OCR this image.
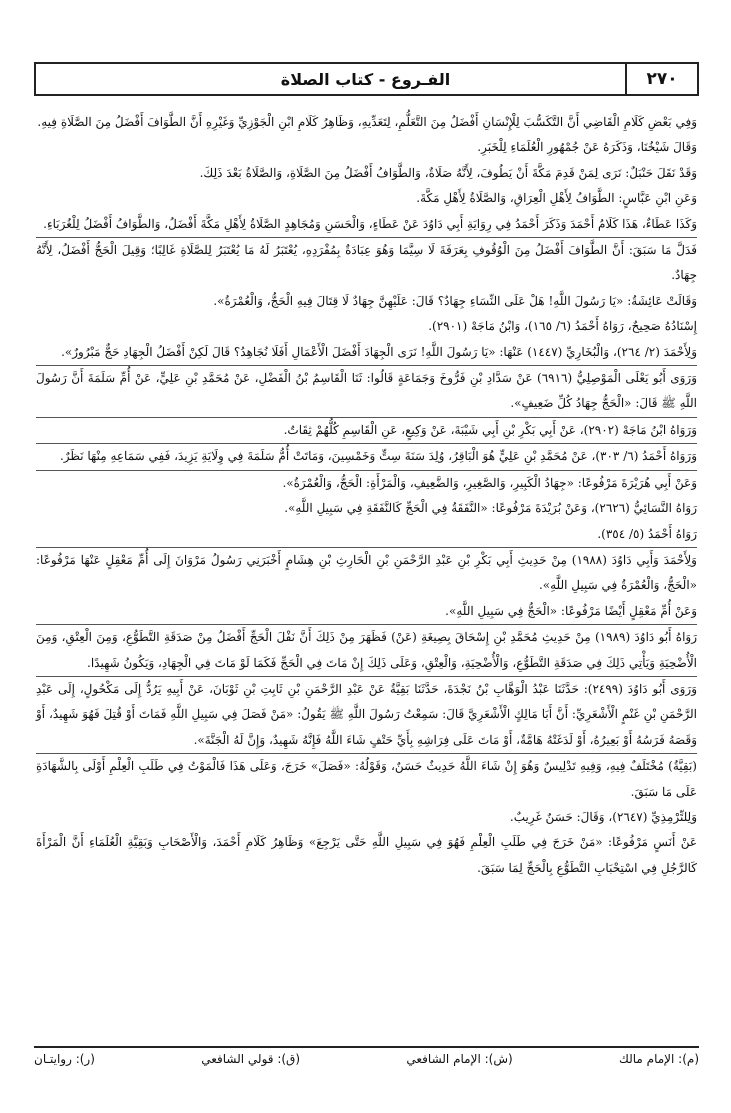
٢٧٠
الفـروع - كتاب الصلاة

وَفِي بَعْضِ كَلَامِ الْقَاضِي أَنَّ التَّكَسُّبَ لِلْإِنْسَانِ أَفْضَلُ مِنَ التَّعَلُّمِ، لِتَعَدِّيهِ، وَظَاهِرُ كَلَامِ ابْنِ الْجَوْزِيِّ وَغَيْرِهِ أَنَّ الطَّوَافَ أَفْضَلُ مِنَ الصَّلَاةِ فِيهِ.

وَقَالَ شَيْخُنَا، وَذَكَرَهُ عَنْ جُمْهُورِ الْعُلَمَاءِ لِلْخَبَرِ.

وَقَدْ نَقَلَ حَنْبَلٌ: نَرَى لِمَنْ قَدِمَ مَكَّةَ أَنْ يَطُوفَ، لِأَنَّهُ صَلَاةٌ، وَالطَّوَافُ أَفْضَلُ مِنَ الصَّلَاةِ، وَالصَّلَاةُ بَعْدَ ذَلِكَ.

وَعَنِ ابْنِ عَبَّاسٍ: الطَّوَافُ لِأَهْلِ الْعِرَاقِ، وَالصَّلَاةُ لِأَهْلِ مَكَّةَ.

وَكَذَا عَطَاءٌ، هَذَا كَلَامُ أَحْمَدَ وَذَكَرَ أَحْمَدُ فِي رِوَايَةِ أَبِي دَاوُدَ عَنْ عَطَاءٍ، وَالْحَسَنِ وَمُجَاهِدٍ الصَّلَاةُ لِأَهْلِ مَكَّةَ أَفْضَلُ، وَالطَّوَافُ أَفْضَلُ لِلْغُرَبَاءِ.

فَدَلَّ مَا سَبَقَ: أَنَّ الطَّوَافَ أَفْضَلُ مِنَ الْوُقُوفِ بِعَرَفَةَ لَا سِيَّمَا وَهُوَ عِبَادَةٌ بِمُفْرَدِهِ، يُعْتَبَرُ لَهُ مَا يُعْتَبَرُ لِلصَّلَاةِ غَالِبًا؛ وَقِيلَ الْحَجُّ أَفْضَلُ، لِأَنَّهُ جِهَادٌ.

وَقَالَتْ عَائِشَةُ: «يَا رَسُولَ اللَّهِ! هَلْ عَلَى النِّسَاءِ جِهَادٌ؟ قَالَ: عَلَيْهِنَّ جِهَادٌ لَا قِتَالَ فِيهِ الْحَجُّ، وَالْعُمْرَةُ».

إِسْنَادُهُ صَحِيحٌ، رَوَاهُ أَحْمَدُ (٦/ ١٦٥)، وَابْنُ مَاجَهْ (٢٩٠١).

وَلِأَحْمَدَ (٢/ ٢٦٤)، وَالْبُخَارِيِّ (١٤٤٧) عَنْهَا: «يَا رَسُولَ اللَّهِ! نَرَى الْجِهَادَ أَفْضَلَ الْأَعْمَالِ أَفَلَا نُجَاهِدُ؟ قَالَ لَكِنْ أَفْضَلُ الْجِهَادِ حَجٌّ مَبْرُورٌ».

وَرَوَى أَبُو يَعْلَى الْمَوْصِلِيُّ (٦٩١٦) عَنْ سَدَّادِ بْنِ فَرُّوخَ وَجَمَاعَةٍ قَالُوا: ثَنَا الْقَاسِمُ بْنُ الْفَضْلِ، عَنْ مُحَمَّدِ بْنِ عَلِيٍّ، عَنْ أُمِّ سَلَمَةَ أَنَّ رَسُولَ اللَّهِ ﷺ قَالَ: «الْحَجُّ جِهَادُ كُلِّ ضَعِيفٍ».

وَرَوَاهُ ابْنُ مَاجَهْ (٢٩٠٢)، عَنْ أَبِي بَكْرِ بْنِ أَبِي شَيْبَةَ، عَنْ وَكِيعٍ، عَنِ الْقَاسِمِ كُلُّهُمْ ثِقَاتٌ.

وَرَوَاهُ أَحْمَدُ (٦/ ٣٠٣)، عَنْ مُحَمَّدِ بْنِ عَلِيٍّ هُوَ الْبَاقِرُ، وُلِدَ سَنَةَ سِتٍّ وَخَمْسِينَ، وَمَاتَتْ أُمُّ سَلَمَةَ فِي وِلَايَةِ يَزِيدَ، فَفِي سَمَاعِهِ مِنْهَا نَظَرٌ.

وَعَنْ أَبِي هُرَيْرَةَ مَرْفُوعًا: «جِهَادُ الْكَبِيرِ، وَالصَّغِيرِ، وَالضَّعِيفِ، وَالْمَرْأَةِ: الْحَجُّ، وَالْعُمْرَةُ».

رَوَاهُ النَّسَائِيُّ (٢٦٢٦)، وَعَنْ بُرَيْدَةَ مَرْفُوعًا: «النَّفَقَةُ فِي الْحَجِّ كَالنَّفَقَةِ فِي سَبِيلِ اللَّهِ».

رَوَاهُ أَحْمَدُ (٥/ ٣٥٤).

وَلِأَحْمَدَ وَأَبِي دَاوُدَ (١٩٨٨) مِنْ حَدِيثِ أَبِي بَكْرِ بْنِ عَبْدِ الرَّحْمَنِ بْنِ الْحَارِثِ بْنِ هِشَامٍ أَخْبَرَنِي رَسُولُ مَرْوَانَ إِلَى أُمِّ مَعْقِلٍ عَنْهَا مَرْفُوعًا: «الْحَجُّ، وَالْعُمْرَةُ فِي سَبِيلِ اللَّهِ».

وَعَنْ أُمِّ مَعْقِلٍ أَيْضًا مَرْفُوعًا: «الْحَجُّ فِي سَبِيلِ اللَّهِ».

رَوَاهُ أَبُو دَاوُدَ (١٩٨٩) مِنْ حَدِيثِ مُحَمَّدِ بْنِ إِسْحَاقَ بِصِيغَةِ (عَنْ) فَظَهَرَ مِنْ ذَلِكَ أَنَّ نَفْلَ الْحَجِّ أَفْضَلُ مِنْ صَدَقَةِ التَّطَوُّعِ، وَمِنَ الْعِتْقِ، وَمِنَ الْأُضْحِيَةِ وَيَأْتِي ذَلِكَ فِي صَدَقَةِ التَّطَوُّعِ، وَالْأُضْحِيَةِ، وَالْعِتْقِ، وَعَلَى ذَلِكَ إِنْ مَاتَ فِي الْحَجِّ فَكَمَا لَوْ مَاتَ فِي الْجِهَادِ، وَيَكُونُ شَهِيدًا.

وَرَوَى أَبُو دَاوُدَ (٢٤٩٩): حَدَّثَنَا عَبْدُ الْوَهَّابِ بْنُ نَجْدَةَ، حَدَّثَنَا بَقِيَّةُ عَنْ عَبْدِ الرَّحْمَنِ بْنِ ثَابِتِ بْنِ ثَوْبَانَ، عَنْ أَبِيهِ يَرُدُّ إِلَى مَكْحُولٍ، إِلَى عَبْدِ الرَّحْمَنِ بْنِ غَنْمٍ الْأَشْعَرِيِّ: أَنَّ أَبَا مَالِكٍ الْأَشْعَرِيَّ قَالَ: سَمِعْتُ رَسُولَ اللَّهِ ﷺ يَقُولُ: «مَنْ فَصَلَ فِي سَبِيلِ اللَّهِ فَمَاتَ أَوْ قُتِلَ فَهُوَ شَهِيدٌ، أَوْ وَقَصَهُ فَرَسُهُ أَوْ بَعِيرُهُ، أَوْ لَدَغَتْهُ هَامَّةٌ، أَوْ مَاتَ عَلَى فِرَاشِهِ بِأَيِّ حَتْفٍ شَاءَ اللَّهُ فَإِنَّهُ شَهِيدٌ، وَإِنَّ لَهُ الْجَنَّةَ».

(بَقِيَّةُ) مُخْتَلَفٌ فِيهِ، وَفِيهِ تَدْلِيسٌ وَهُوَ إِنْ شَاءَ اللَّهُ حَدِيثٌ حَسَنٌ، وَقَوْلُهُ: «فَصَلَ» خَرَجَ، وَعَلَى هَذَا فَالْمَوْتُ فِي طَلَبِ الْعِلْمِ أَوْلَى بِالشَّهَادَةِ عَلَى مَا سَبَقَ.

وَلِلتِّرْمِذِيِّ (٢٦٤٧)، وَقَالَ: حَسَنٌ غَرِيبٌ.

عَنْ أَنَسٍ مَرْفُوعًا: «مَنْ خَرَجَ فِي طَلَبِ الْعِلْمِ فَهُوَ فِي سَبِيلِ اللَّهِ حَتَّى يَرْجِعَ» وَظَاهِرُ كَلَامِ أَحْمَدَ، وَالْأَصْحَابِ وَبَقِيَّةِ الْعُلَمَاءِ أَنَّ الْمَرْأَةَ كَالرَّجُلِ فِي اسْتِحْبَابِ التَّطَوُّعِ بِالْحَجِّ لِمَا سَبَقَ.

(م): الإمام مالك
(ش): الإمام الشافعي
(ق): قولي الشافعي
(ر): روايتـان
